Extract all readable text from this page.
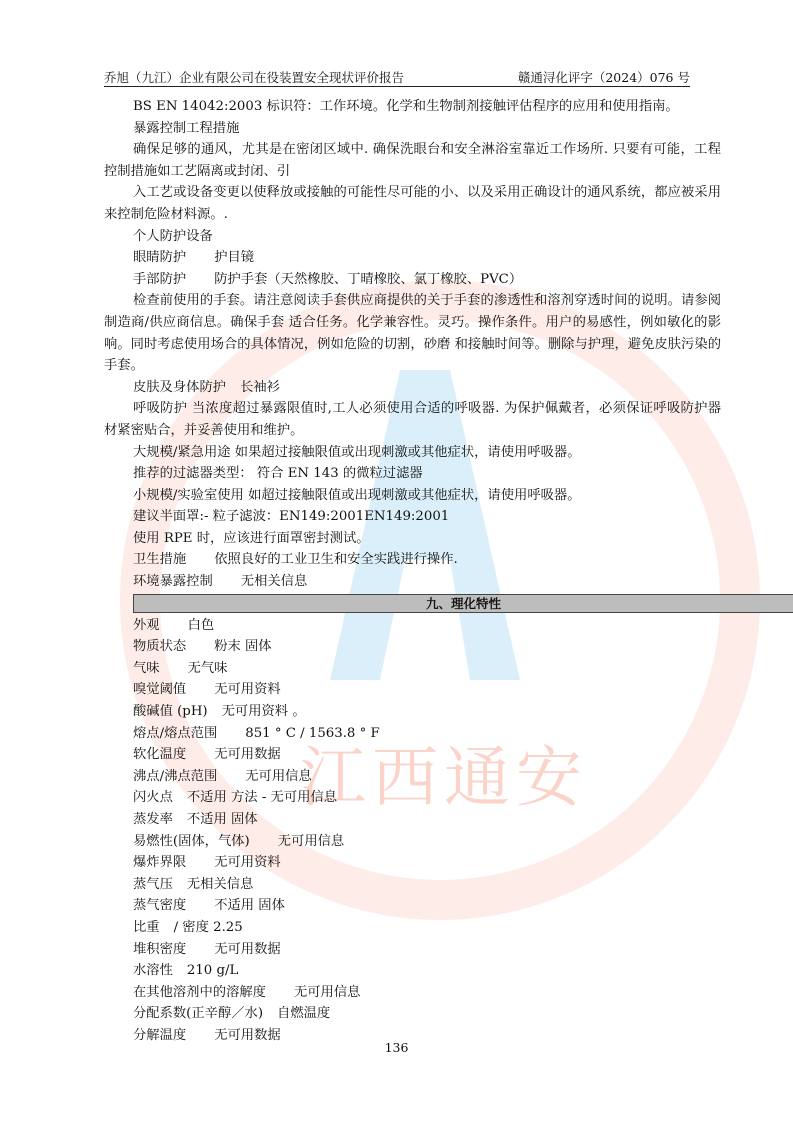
江西通安
乔旭（九江）企业有限公司在役装置安全现状评价报告	赣通浔化评字（2024）076 号

BS EN 14042:2003 标识符：工作环境。化学和生物制剂接触评估程序的应用和使用指南。

暴露控制工程措施

确保足够的通风，尤其是在密闭区域中. 确保洗眼台和安全淋浴室靠近工作场所. 只要有可能，工程控制措施如工艺隔离或封闭、引

入工艺或设备变更以使释放或接触的可能性尽可能的小、以及采用正确设计的通风系统，都应被采用来控制危险材料源。.

个人防护设备

眼睛防护 护目镜

手部防护 防护手套（天然橡胶、丁晴橡胶、氯丁橡胶、PVC）

检查前使用的手套。请注意阅读手套供应商提供的关于手套的渗透性和溶剂穿透时间的说明。请参阅制造商/供应商信息。确保手套 适合任务。化学兼容性。灵巧。操作条件。用户的易感性，例如敏化的影响。同时考虑使用场合的具体情况，例如危险的切割，砂磨 和接触时间等。删除与护理，避免皮肤污染的手套。

皮肤及身体防护 长袖衫

呼吸防护 当浓度超过暴露限值时,工人必须使用合适的呼吸器. 为保护佩戴者，必须保证呼吸防护器材紧密贴合，并妥善使用和维护。

大规模/紧急用途 如果超过接触限值或出现刺激或其他症状，请使用呼吸器。

推荐的过滤器类型： 符合 EN 143 的微粒过滤器

小规模/实验室使用 如超过接触限值或出现刺激或其他症状，请使用呼吸器。

建议半面罩:- 粒子滤波：EN149:2001EN149:2001

使用 RPE 时，应该进行面罩密封测试。

卫生措施 依照良好的工业卫生和安全实践进行操作.

环境暴露控制 无相关信息

九、理化特性

外观 白色

物质状态 粉末 固体

气味 无气味

嗅觉阈值 无可用资料

酸碱值 (pH) 无可用资料 。

熔点/熔点范围 851 ° C / 1563.8 ° F

软化温度 无可用数据

沸点/沸点范围 无可用信息

闪火点 不适用 方法 - 无可用信息

蒸发率 不适用 固体

易燃性(固体，气体) 无可用信息

爆炸界限 无可用资料

蒸气压 无相关信息

蒸气密度 不适用 固体

比重 / 密度 2.25

堆积密度 无可用数据

水溶性 210 g/L

在其他溶剂中的溶解度 无可用信息

分配系数(正辛醇／水) 自燃温度

分解温度 无可用数据

136
